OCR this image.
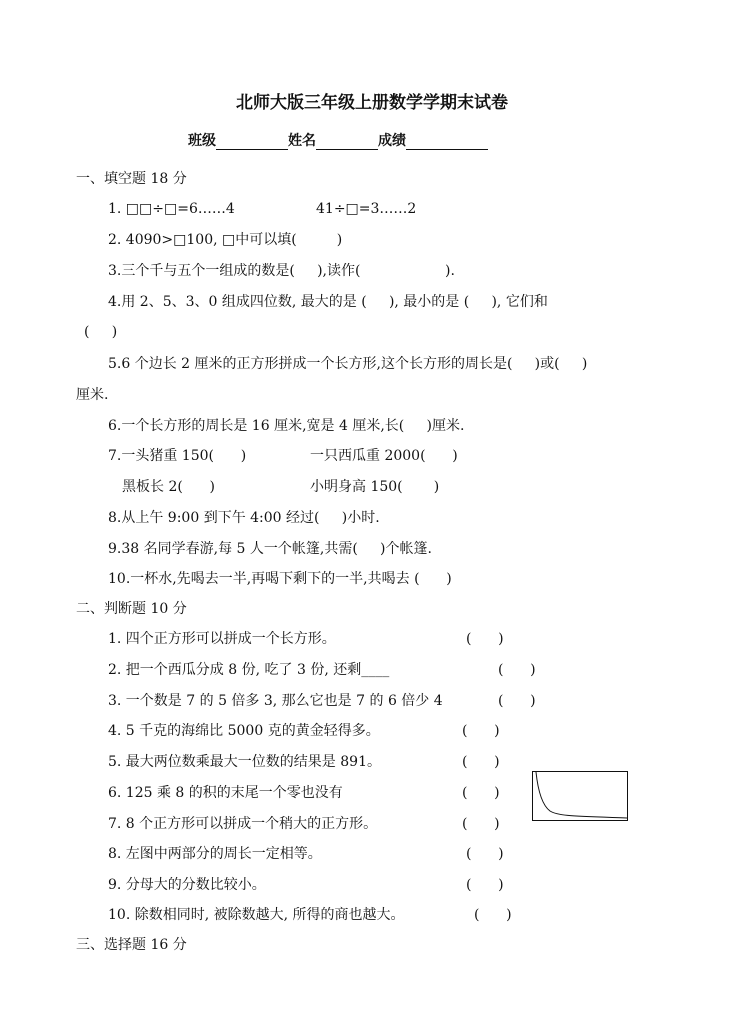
北师大版三年级上册数学学期末试卷
班级	姓名	成绩
一、填空题 18 分
1. □□÷□=6……4	41÷□=3……2
2. 4090>□100, □中可以填(         )
3.三个千与五个一组成的数是(     ),读作(                   ).
4.用 2、5、3、0 组成四位数, 最大的是 (     ), 最小的是 (     ), 它们和
(     )
5.6 个边长 2 厘米的正方形拼成一个长方形,这个长方形的周长是(     )或(     )
厘米.
6.一个长方形的周长是 16 厘米,宽是 4 厘米,长(     )厘米.
7.一头猪重 150(      )	一只西瓜重 2000(      )
黑板长 2(      )	小明身高 150(       )
8.从上午 9:00 到下午 4:00 经过(     )小时.
9.38 名同学春游,每 5 人一个帐篷,共需(     )个帐篷.
10.一杯水,先喝去一半,再喝下剩下的一半,共喝去 (      )
二、判断题 10 分
1. 四个正方形可以拼成一个长方形。	(      )
2. 把一个西瓜分成 8 份, 吃了 3 份, 还剩____	(      )
3. 一个数是 7 的 5 倍多 3, 那么它也是 7 的 6 倍少 4	(      )
4. 5 千克的海绵比 5000 克的黄金轻得多。	(      )
5. 最大两位数乘最大一位数的结果是 891。	(      )
6. 125 乘 8 的积的末尾一个零也没有	(      )
7. 8 个正方形可以拼成一个稍大的正方形。	(      )
8. 左图中两部分的周长一定相等。	(      )
9. 分母大的分数比较小。	(      )
10. 除数相同时, 被除数越大, 所得的商也越大。	(      )
三、选择题 16 分
